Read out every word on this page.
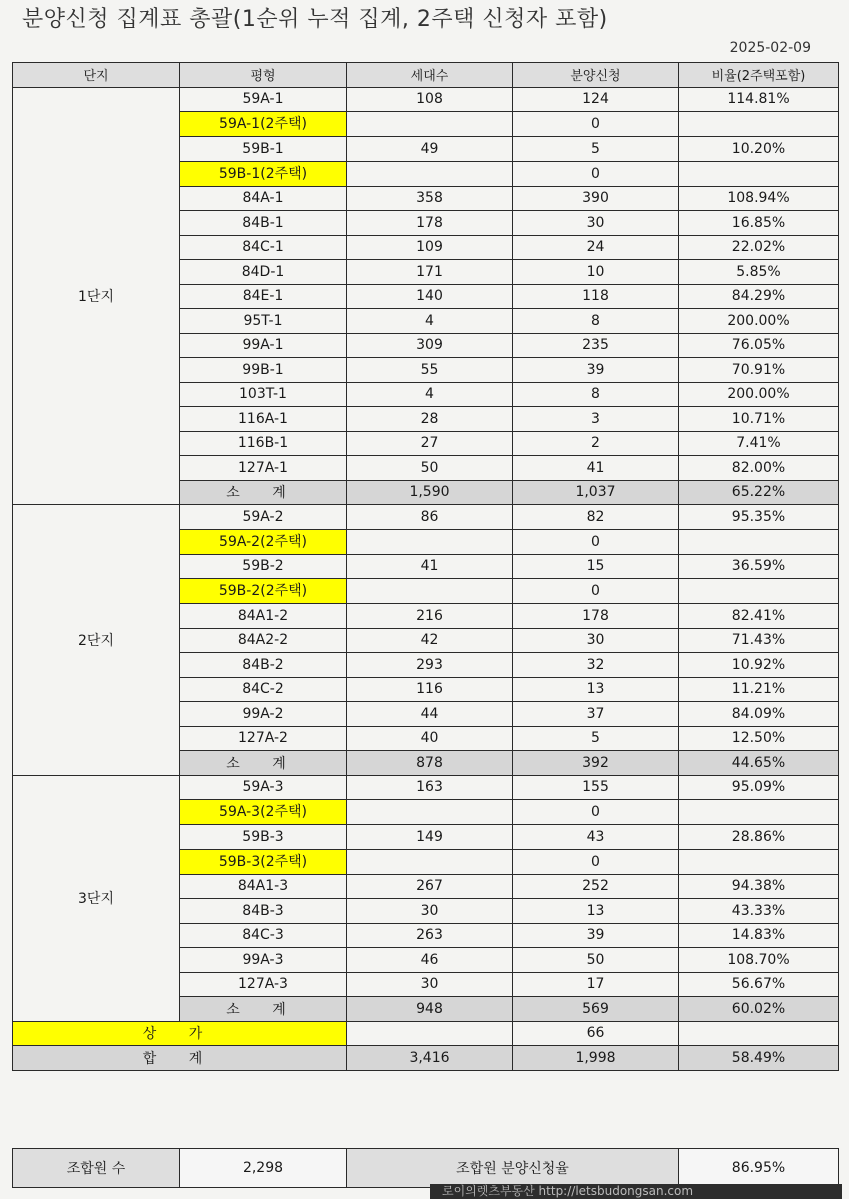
분양신청 집계표 총괄(1순위 누적 집계, 2주택 신청자 포함)
2025-02-09
단지	평형	세대수	분양신청	비율(2주택포함)
1단지	59A-1	108	124	114.81%

	59A-1(2주택)		0	
	59B-1	49	5	10.20%

	59B-1(2주택)		0	
	84A-1	358	390	108.94%
	84B-1	178	30	16.85%
	84C-1	109	24	22.02%
	84D-1	171	10	5.85%
	84E-1	140	118	84.29%
	95T-1	4	8	200.00%
	99A-1	309	235	76.05%
	99B-1	55	39	70.91%
	103T-1	4	8	200.00%
	116A-1	28	3	10.71%
	116B-1	27	2	7.41%
	127A-1	50	41	82.00%
	소 계	1,590	1,037	65.22%
2단지	59A-2	86	82	95.35%

	59A-2(2주택)		0	
	59B-2	41	15	36.59%

	59B-2(2주택)		0	
	84A1-2	216	178	82.41%
	84A2-2	42	30	71.43%
	84B-2	293	32	10.92%
	84C-2	116	13	11.21%
	99A-2	44	37	84.09%
	127A-2	40	5	12.50%
	소 계	878	392	44.65%
3단지	59A-3	163	155	95.09%

	59A-3(2주택)		0	
	59B-3	149	43	28.86%

	59B-3(2주택)		0	
	84A1-3	267	252	94.38%
	84B-3	30	13	43.33%
	84C-3	263	39	14.83%
	99A-3	46	50	108.70%
	127A-3	30	17	56.67%
	소 계	948	569	60.02%
상 가			66	
합 계		3,416	1,998	58.49%
조합원 수	2,298	조합원 분양신청율	86.95%
로이의렛츠부동산 http://letsbudongsan.com
